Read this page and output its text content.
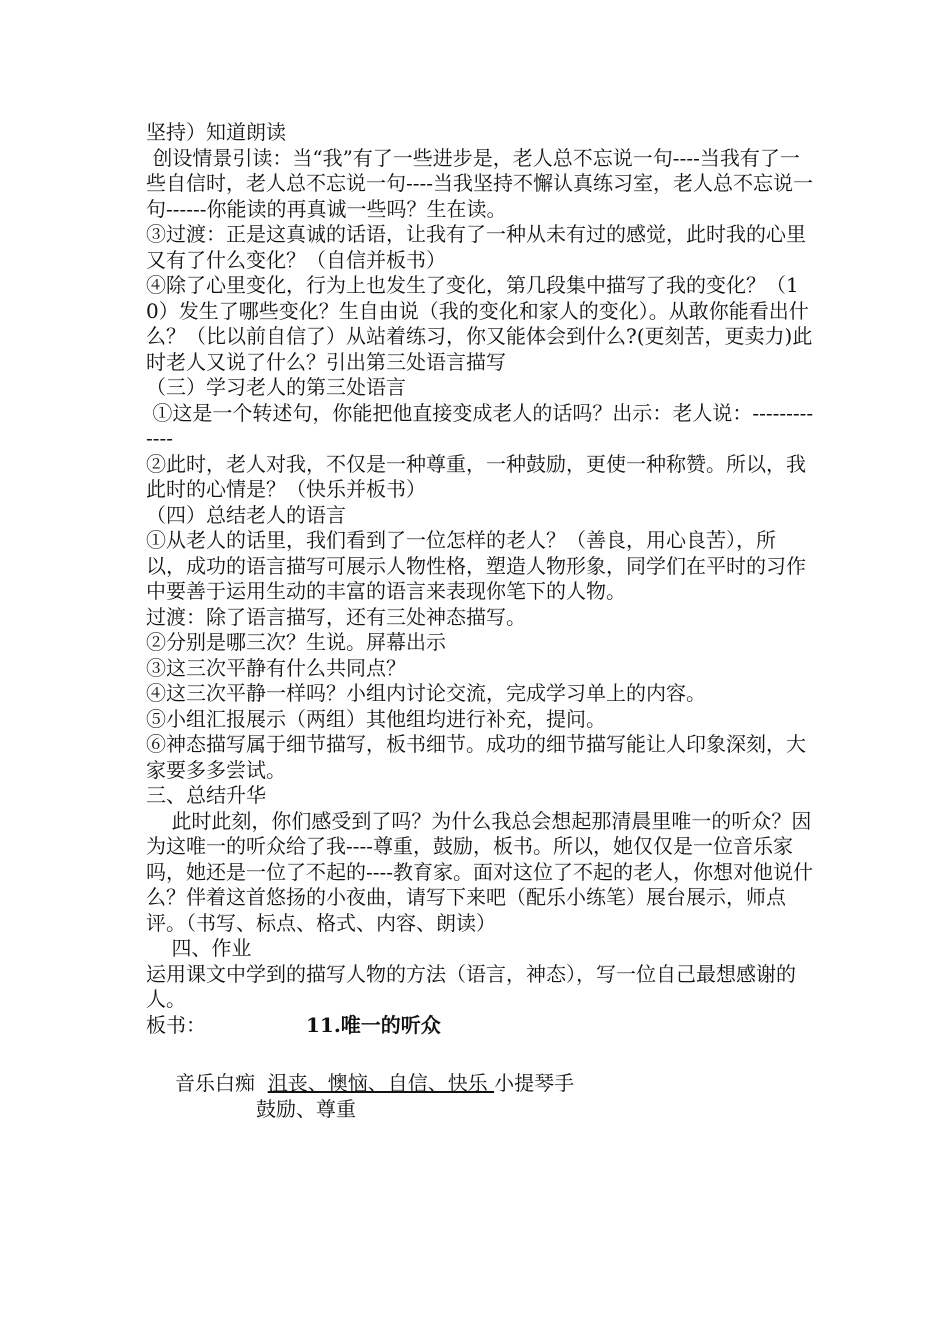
坚持）知道朗读

创设情景引读：当“我”有了一些进步是，老人总不忘说一句----当我有了一些自信时，老人总不忘说一句----当我坚持不懈认真练习室，老人总不忘说一句------你能读的再真诚一些吗？生在读。

③过渡：正是这真诚的话语，让我有了一种从未有过的感觉，此时我的心里又有了什么变化？（自信并板书）

④除了心里变化，行为上也发生了变化，第几段集中描写了我的变化？（10）发生了哪些变化？生自由说（我的变化和家人的变化）。从敢你能看出什么？（比以前自信了）从站着练习，你又能体会到什么?(更刻苦，更卖力)此时老人又说了什么？引出第三处语言描写

（三）学习老人的第三处语言

①这是一个转述句，你能把他直接变成老人的话吗？出示：老人说：-------------

②此时，老人对我，不仅是一种尊重，一种鼓励，更使一种称赞。所以，我此时的心情是？（快乐并板书）

（四）总结老人的语言

①从老人的话里，我们看到了一位怎样的老人？（善良，用心良苦），所以，成功的语言描写可展示人物性格，塑造人物形象，同学们在平时的习作中要善于运用生动的丰富的语言来表现你笔下的人物。

过渡：除了语言描写，还有三处神态描写。

②分别是哪三次？生说。屏幕出示

③这三次平静有什么共同点？

④这三次平静一样吗？小组内讨论交流，完成学习单上的内容。

⑤小组汇报展示（两组）其他组均进行补充，提问。

⑥神态描写属于细节描写，板书细节。成功的细节描写能让人印象深刻，大家要多多尝试。

三、总结升华

此时此刻，你们感受到了吗？为什么我总会想起那清晨里唯一的听众？因为这唯一的听众给了我----尊重，鼓励，板书。所以，她仅仅是一位音乐家吗，她还是一位了不起的----教育家。面对这位了不起的老人，你想对他说什么？伴着这首悠扬的小夜曲，请写下来吧（配乐小练笔）展台展示，师点评。（书写、标点、格式、内容、朗读）

四、作业

运用课文中学到的描写人物的方法（语言，神态），写一位自己最想感谢的人。

板书：	11.唯一的听众
音乐白痴 沮丧、懊恼、自信、快乐 小提琴手
鼓励、尊重
